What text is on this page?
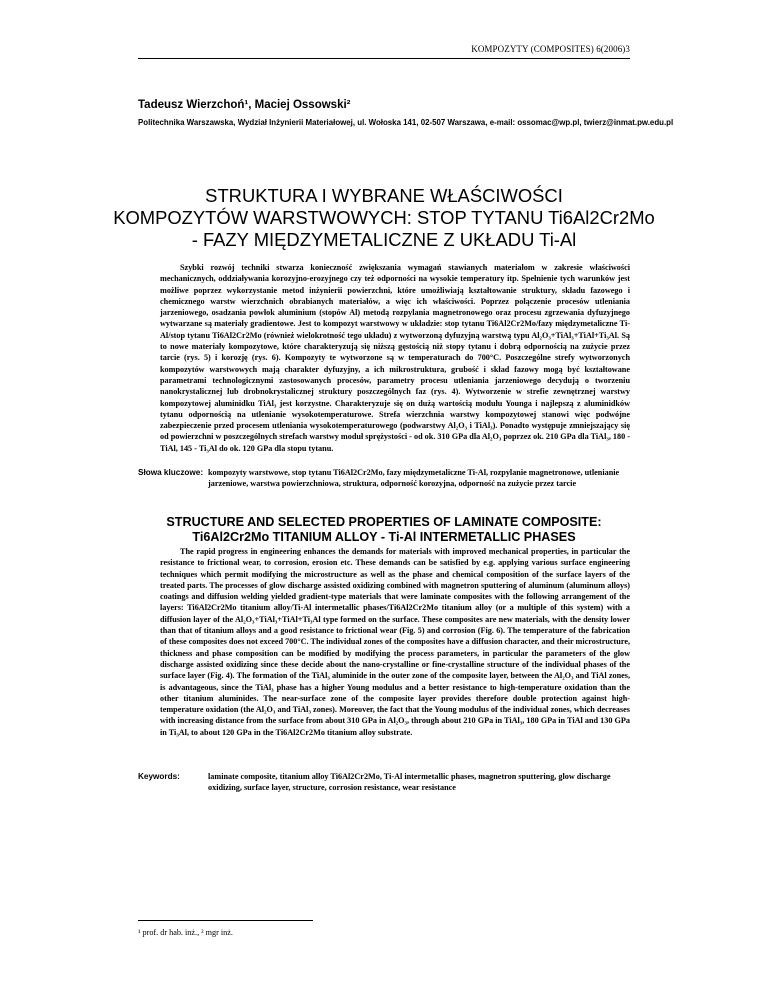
KOMPOZYTY (COMPOSITES) 6(2006)3
Tadeusz Wierzchoń¹, Maciej Ossowski²
Politechnika Warszawska, Wydział Inżynierii Materiałowej, ul. Wołoska 141, 02-507 Warszawa, e-mail: ossomac@wp.pl, twierz@inmat.pw.edu.pl
STRUKTURA I WYBRANE WŁAŚCIWOŚCI
KOMPOZYTÓW WARSTWOWYCH: STOP TYTANU Ti6Al2Cr2Mo
- FAZY MIĘDZYMETALICZNE Z UKŁADU Ti-Al

Szybki rozwój techniki stwarza konieczność zwiększania wymagań stawianych materiałom w zakresie właściwości mechanicznych, oddziaływania korozyjno-erozyjnego czy też odporności na wysokie temperatury itp. Spełnienie tych warunków jest możliwe poprzez wykorzystanie metod inżynierii powierzchni, które umożliwiają kształtowanie struktury, składu fazowego i chemicznego warstw wierzchnich obrabianych materiałów, a więc ich właściwości. Poprzez połączenie procesów utleniania jarzeniowego, osadzania powłok aluminium (stopów Al) metodą rozpylania magnetronowego oraz procesu zgrzewania dyfuzyjnego wytwarzane są materiały gradientowe. Jest to kompozyt warstwowy w układzie: stop tytanu Ti6Al2Cr2Mo/fazy międzymetaliczne Ti-Al/stop tytanu Ti6Al2Cr2Mo (również wielokrotność tego układu) z wytworzoną dyfuzyjną warstwą typu Al₂O₃+TiAl₃+TiAl+Ti₃Al. Są to nowe materiały kompozytowe, które charakteryzują się niższą gęstością niż stopy tytanu i dobrą odpornością na zużycie przez tarcie (rys. 5) i korozję (rys. 6). Kompozyty te wytworzone są w temperaturach do 700°C. Poszczególne strefy wytworzonych kompozytów warstwowych mają charakter dyfuzyjny, a ich mikrostruktura, grubość i skład fazowy mogą być kształtowane parametrami technologicznymi zastosowanych procesów, parametry procesu utleniania jarzeniowego decydują o tworzeniu nanokrystalicznej lub drobnokrystalicznej struktury poszczególnych faz (rys. 4). Wytworzenie w strefie zewnętrznej warstwy kompozytowej aluminidku TiAl₃ jest korzystne. Charakteryzuje się on dużą wartością modułu Younga i najlepszą z aluminidków tytanu odpornością na utlenianie wysokotemperaturowe. Strefa wierzchnia warstwy kompozytowej stanowi więc podwójne zabezpieczenie przed procesem utleniania wysokotemperaturowego (podwarstwy Al₂O₃ i TiAl₃). Ponadto występuje zmniejszający się od powierzchni w poszczególnych strefach warstwy moduł sprężystości - od ok. 310 GPa dla Al₂O₃ poprzez ok. 210 GPa dla TiAl₃, 180 - TiAl, 145 - Ti₃Al do ok. 120 GPa dla stopu tytanu.

Słowa kluczowe: kompozyty warstwowe, stop tytanu Ti6Al2Cr2Mo, fazy międzymetaliczne Ti-Al, rozpylanie magnetronowe, utlenianie jarzeniowe, warstwa powierzchniowa, struktura, odporność korozyjna, odporność na zużycie przez tarcie
STRUCTURE AND SELECTED PROPERTIES OF LAMINATE COMPOSITE:
Ti6Al2Cr2Mo TITANIUM ALLOY - Ti-Al INTERMETALLIC PHASES

The rapid progress in engineering enhances the demands for materials with improved mechanical properties, in particular the resistance to frictional wear, to corrosion, erosion etc. These demands can be satisfied by e.g. applying various surface engineering techniques which permit modifying the microstructure as well as the phase and chemical composition of the surface layers of the treated parts. The processes of glow discharge assisted oxidizing combined with magnetron sputtering of aluminum (aluminum alloys) coatings and diffusion welding yielded gradient-type materials that were laminate composites with the following arrangement of the layers: Ti6Al2Cr2Mo titanium alloy/Ti-Al intermetallic phases/Ti6Al2Cr2Mo titanium alloy (or a multiple of this system) with a diffusion layer of the Al₂O₃+TiAl₃+TiAl+Ti₃Al type formed on the surface. These composites are new materials, with the density lower than that of titanium alloys and a good resistance to frictional wear (Fig. 5) and corrosion (Fig. 6). The temperature of the fabrication of these composites does not exceed 700°C. The individual zones of the composites have a diffusion character, and their microstructure, thickness and phase composition can be modified by modifying the process parameters, in particular the parameters of the glow discharge assisted oxidizing since these decide about the nano-crystalline or fine-crystalline structure of the individual phases of the surface layer (Fig. 4). The formation of the TiAl₃ aluminide in the outer zone of the composite layer, between the Al₂O₃ and TiAl zones, is advantageous, since the TiAl₃ phase has a higher Young modulus and a better resistance to high-temperature oxidation than the other titanium aluminides. The near-surface zone of the composite layer provides therefore double protection against high-temperature oxidation (the Al₂O₃ and TiAl₃ zones). Moreover, the fact that the Young modulus of the individual zones, which decreases with increasing distance from the surface from about 310 GPa in Al₂O₃, through about 210 GPa in TiAl₃, 180 GPa in TiAl and 130 GPa in Ti₃Al, to about 120 GPa in the Ti6Al2Cr2Mo titanium alloy substrate.

Keywords:	laminate composite, titanium alloy Ti6Al2Cr2Mo, Ti-Al intermetallic phases, magnetron sputtering, glow discharge oxidizing, surface layer, structure, corrosion resistance, wear resistance
¹ prof. dr hab. inż., ² mgr inż.
